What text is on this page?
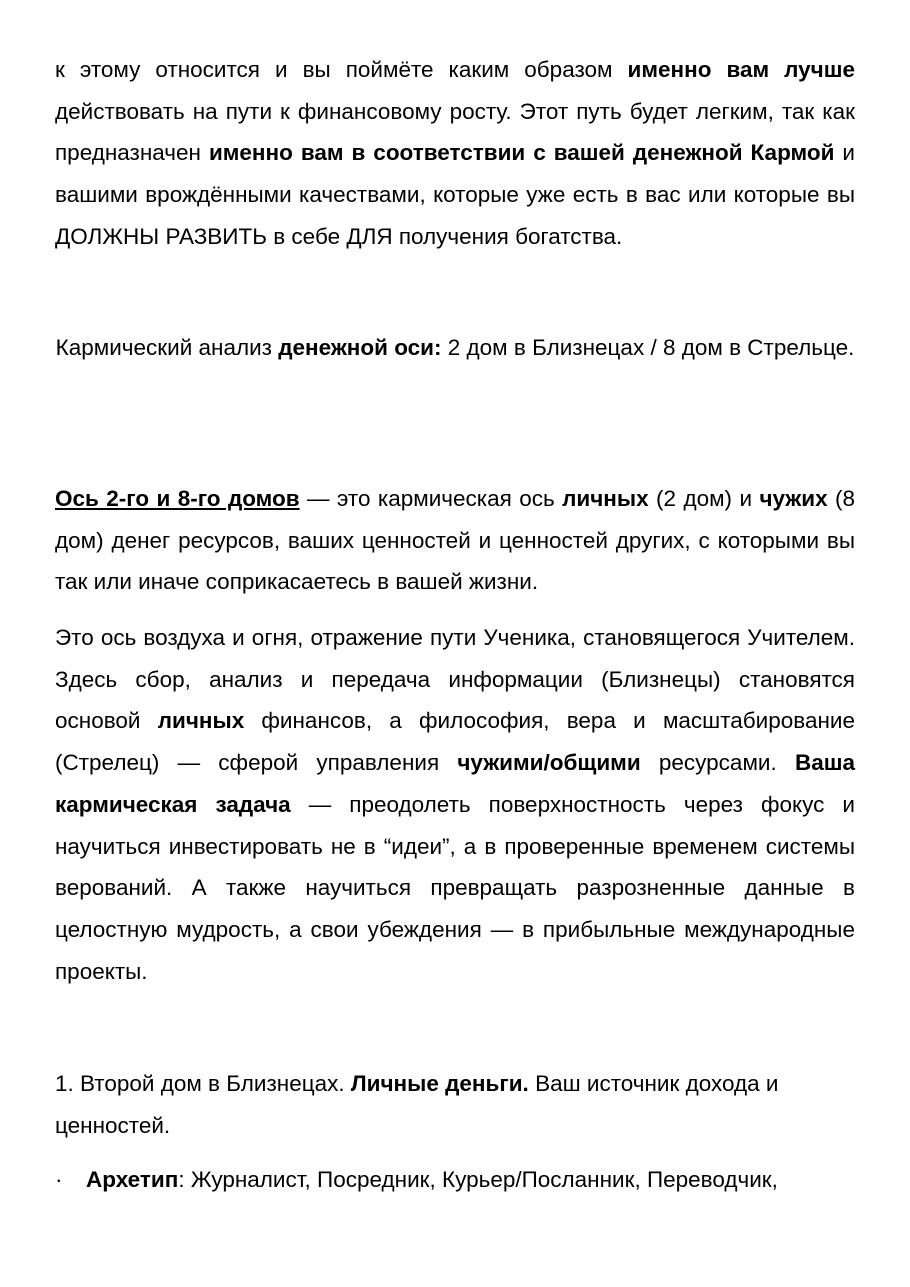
к этому относится и вы поймёте каким образом именно вам лучше действовать на пути к финансовому росту. Этот путь будет легким, так как предназначен именно вам в соответствии с вашей денежной Кармой и вашими врождёнными качествами, которые уже есть в вас или которые вы ДОЛЖНЫ РАЗВИТЬ в себе ДЛЯ получения богатства.

Кармический анализ денежной оси: 2 дом в Близнецах / 8 дом в Стрельце.

Ось 2-го и 8-го домов — это кармическая ось личных (2 дом) и чужих (8 дом) денег ресурсов, ваших ценностей и ценностей других, с которыми вы так или иначе соприкасаетесь в вашей жизни.

Это ось воздуха и огня, отражение пути Ученика, становящегося Учителем. Здесь сбор, анализ и передача информации (Близнецы) становятся основой личных финансов, а философия, вера и масштабирование (Стрелец) — сферой управления чужими/общими ресурсами. Ваша кармическая задача — преодолеть поверхностность через фокус и научиться инвестировать не в “идеи”, а в проверенные временем системы верований. А также научиться превращать разрозненные данные в целостную мудрость, а свои убеждения — в прибыльные международные проекты.

1. Второй дом в Близнецах. Личные деньги. Ваш источник дохода и ценностей.

·	Архетип: Журналист, Посредник, Курьер/Посланник, Переводчик,
